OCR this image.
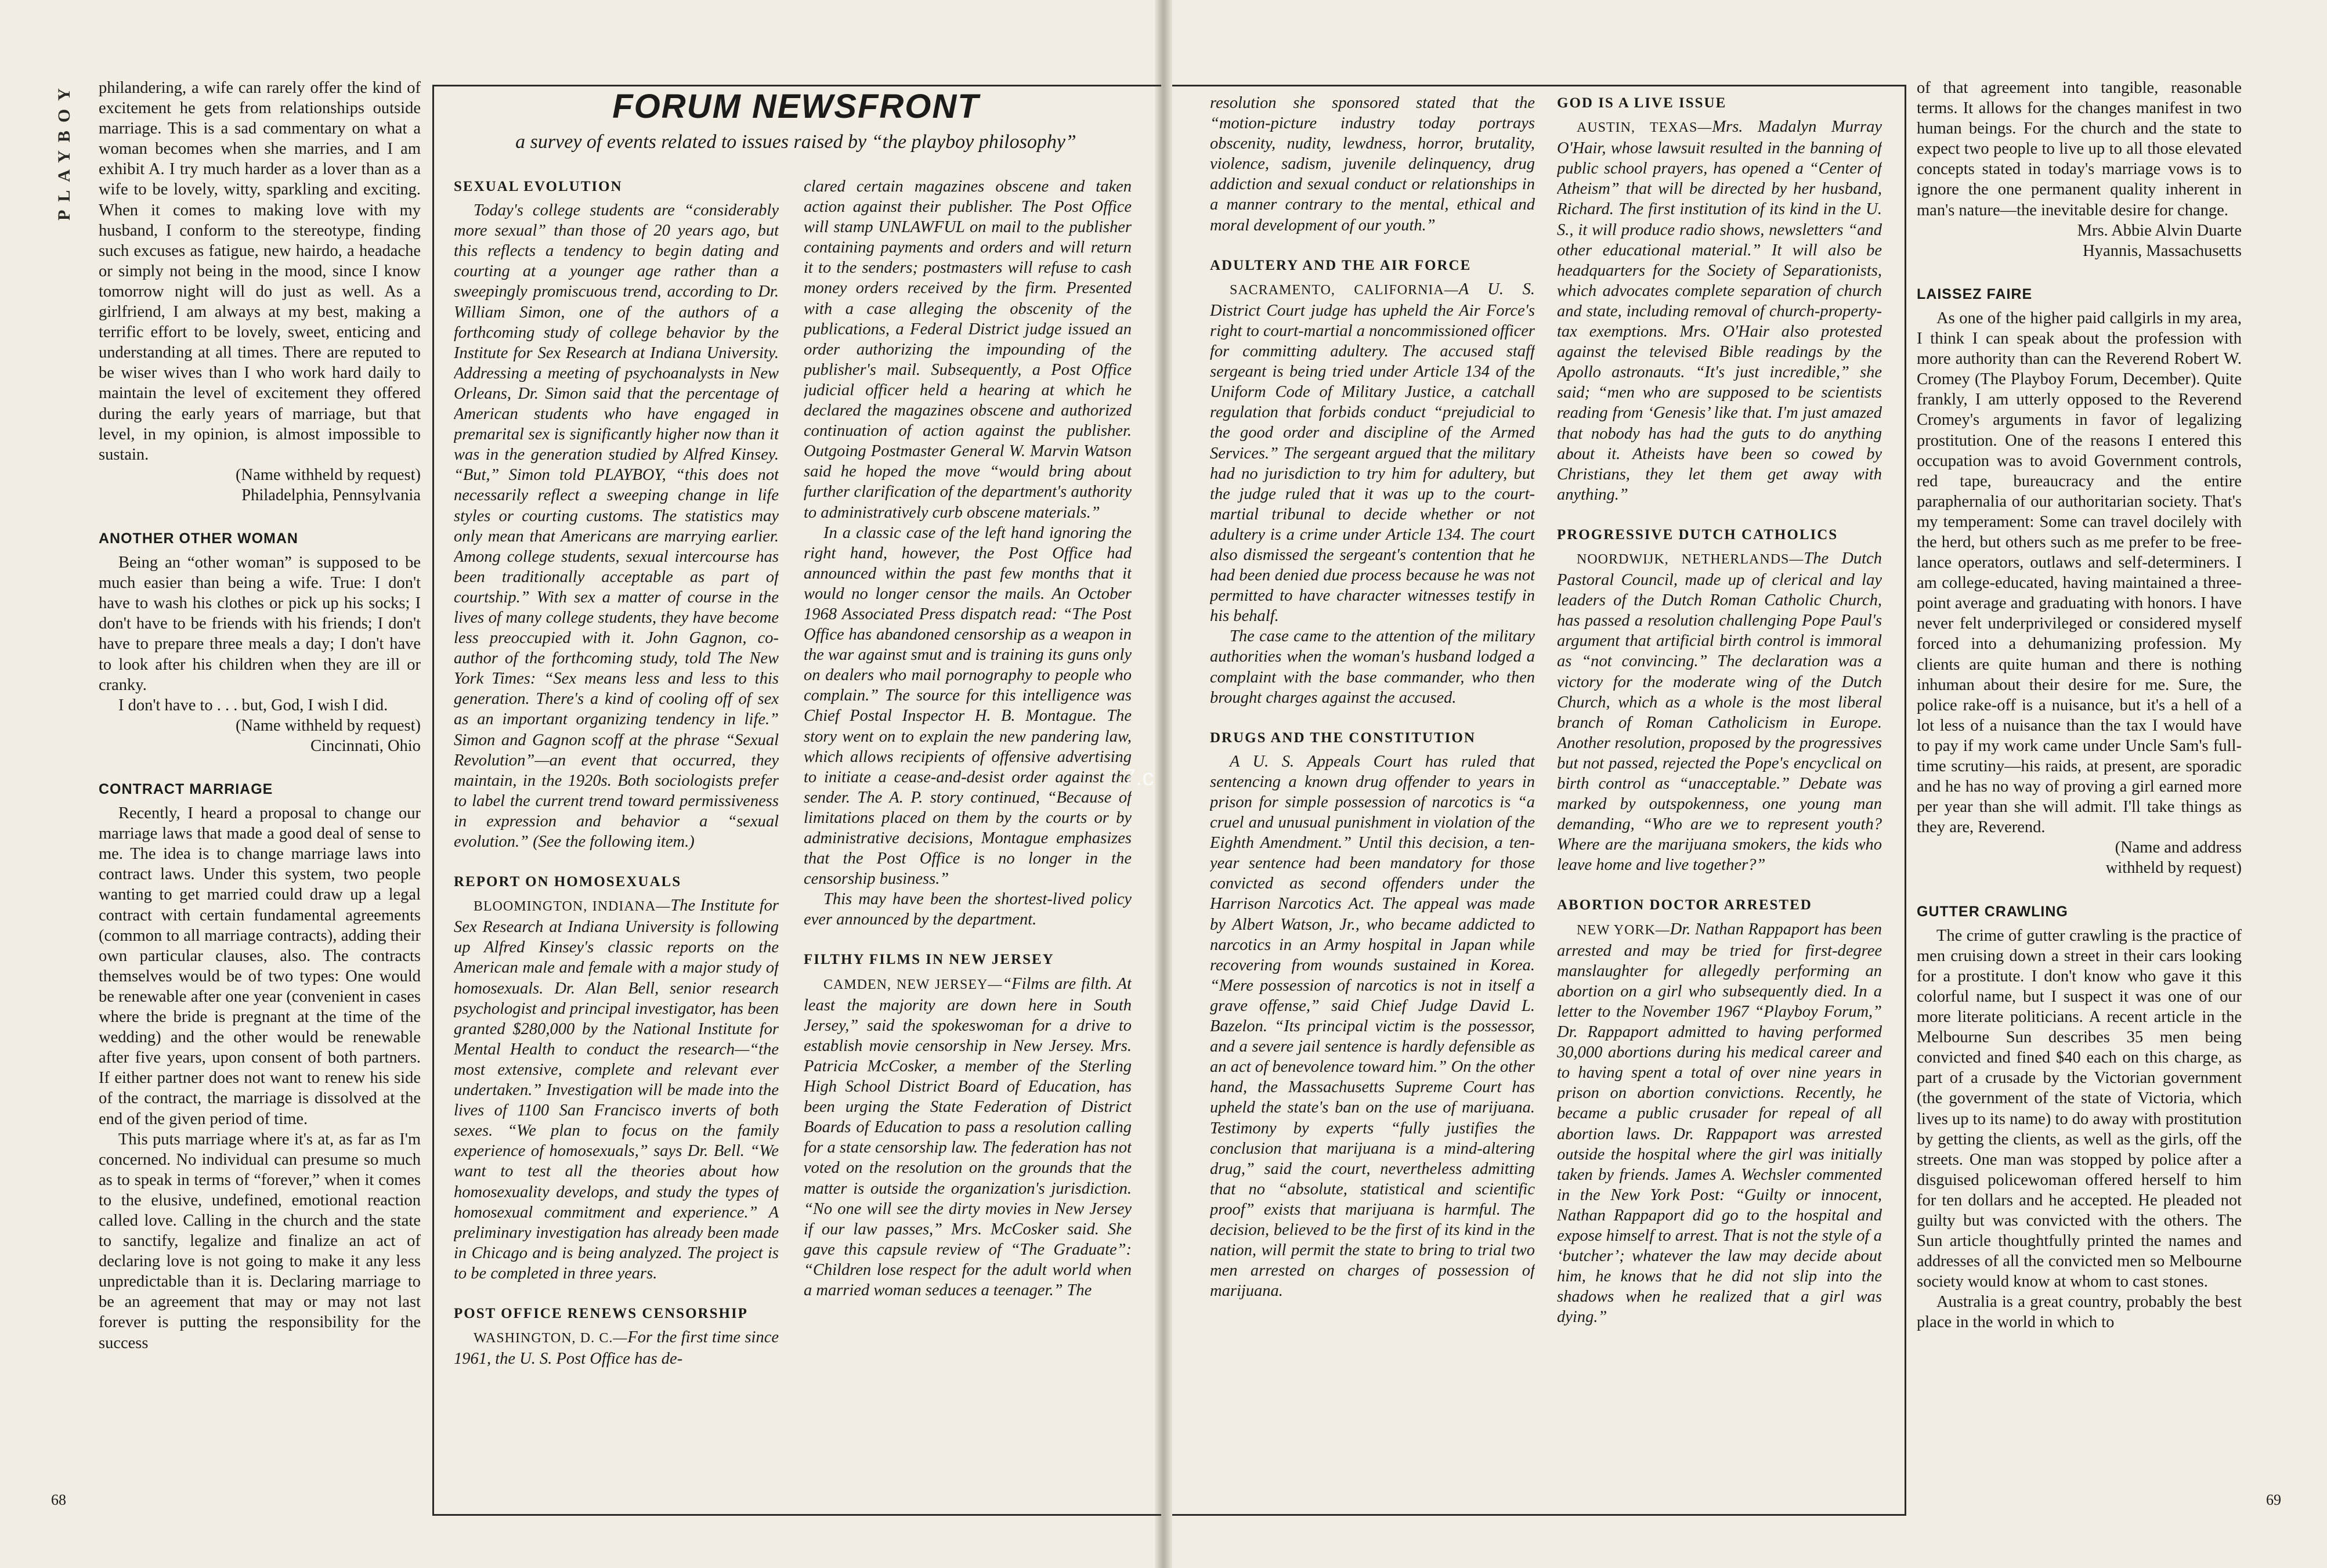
PLAYBOY	FORUM NEWSFRONT
a survey of events related to issues raised by “the playboy philosophy”

philandering, a wife can rarely offer the kind of excitement he gets from relationships outside marriage. This is a sad commentary on what a woman becomes when she marries, and I am exhibit A. I try much harder as a lover than as a wife to be lovely, witty, sparkling and exciting. When it comes to making love with my husband, I conform to the stereotype, finding such excuses as fatigue, new hairdo, a headache or simply not being in the mood, since I know tomorrow night will do just as well. As a girlfriend, I am always at my best, making a terrific effort to be lovely, sweet, enticing and understanding at all times. There are reputed to be wiser wives than I who work hard daily to maintain the level of excitement they offered during the early years of marriage, but that level, in my opinion, is almost impossible to sustain.

(Name withheld by request)

Philadelphia, Pennsylvania

ANOTHER OTHER WOMAN

Being an “other woman” is supposed to be much easier than being a wife. True: I don't have to wash his clothes or pick up his socks; I don't have to be friends with his friends; I don't have to prepare three meals a day; I don't have to look after his children when they are ill or cranky.

I don't have to . . . but, God, I wish I did.

(Name withheld by request)

Cincinnati, Ohio

CONTRACT MARRIAGE

Recently, I heard a proposal to change our marriage laws that made a good deal of sense to me. The idea is to change marriage laws into contract laws. Under this system, two people wanting to get married could draw up a legal contract with certain fundamental agreements (common to all marriage contracts), adding their own particular clauses, also. The contracts themselves would be of two types: One would be renewable after one year (convenient in cases where the bride is pregnant at the time of the wedding) and the other would be renewable after five years, upon consent of both partners. If either partner does not want to renew his side of the contract, the marriage is dissolved at the end of the given period of time.

This puts marriage where it's at, as far as I'm concerned. No individual can presume so much as to speak in terms of “forever,” when it comes to the elusive, undefined, emotional reaction called love. Calling in the church and the state to sanctify, legalize and finalize an act of declaring love is not going to make it any less unpredictable than it is. Declaring marriage to be an agreement that may or may not last forever is putting the responsibility for the success

SEXUAL EVOLUTION

Today's college students are “considerably more sexual” than those of 20 years ago, but this reflects a tendency to begin dating and courting at a younger age rather than a sweepingly promiscuous trend, according to Dr. William Simon, one of the authors of a forthcoming study of college behavior by the Institute for Sex Research at Indiana University. Addressing a meeting of psychoanalysts in New Orleans, Dr. Simon said that the percentage of American students who have engaged in premarital sex is significantly higher now than it was in the generation studied by Alfred Kinsey. “But,” Simon told PLAYBOY, “this does not necessarily reflect a sweeping change in life styles or courting customs. The statistics may only mean that Americans are marrying earlier. Among college students, sexual intercourse has been traditionally acceptable as part of courtship.” With sex a matter of course in the lives of many college students, they have become less preoccupied with it. John Gagnon, co-author of the forthcoming study, told The New York Times: “Sex means less and less to this generation. There's a kind of cooling off of sex as an important organizing tendency in life.” Simon and Gagnon scoff at the phrase “Sexual Revolution”—an event that occurred, they maintain, in the 1920s. Both sociologists prefer to label the current trend toward permissiveness in expression and behavior a “sexual evolution.” (See the following item.)

REPORT ON HOMOSEXUALS

BLOOMINGTON, INDIANA—The Institute for Sex Research at Indiana University is following up Alfred Kinsey's classic reports on the American male and female with a major study of homosexuals. Dr. Alan Bell, senior research psychologist and principal investigator, has been granted $280,000 by the National Institute for Mental Health to conduct the research—“the most extensive, complete and relevant ever undertaken.” Investigation will be made into the lives of 1100 San Francisco inverts of both sexes. “We plan to focus on the family experience of homosexuals,” says Dr. Bell. “We want to test all the theories about how homosexuality develops, and study the types of homosexual commitment and experience.” A preliminary investigation has already been made in Chicago and is being analyzed. The project is to be completed in three years.

POST OFFICE RENEWS CENSORSHIP

WASHINGTON, D. C.—For the first time since 1961, the U. S. Post Office has de-

clared certain magazines obscene and taken action against their publisher. The Post Office will stamp UNLAWFUL on mail to the publisher containing payments and orders and will return it to the senders; postmasters will refuse to cash money orders received by the firm. Presented with a case alleging the obscenity of the publications, a Federal District judge issued an order authorizing the impounding of the publisher's mail. Subsequently, a Post Office judicial officer held a hearing at which he declared the magazines obscene and authorized continuation of action against the publisher. Outgoing Postmaster General W. Marvin Watson said he hoped the move “would bring about further clarification of the department's authority to administratively curb obscene materials.”

In a classic case of the left hand ignoring the right hand, however, the Post Office had announced within the past few months that it would no longer censor the mails. An October 1968 Associated Press dispatch read: “The Post Office has abandoned censorship as a weapon in the war against smut and is training its guns only on dealers who mail pornography to people who complain.” The source for this intelligence was Chief Postal Inspector H. B. Montague. The story went on to explain the new pandering law, which allows recipients of offensive advertising to initiate a cease-and-desist order against the sender. The A. P. story continued, “Because of limitations placed on them by the courts or by administrative decisions, Montague emphasizes that the Post Office is no longer in the censorship business.”

This may have been the shortest-lived policy ever announced by the department.

FILTHY FILMS IN NEW JERSEY

CAMDEN, NEW JERSEY—“Films are filth. At least the majority are down here in South Jersey,” said the spokeswoman for a drive to establish movie censorship in New Jersey. Mrs. Patricia McCosker, a member of the Sterling High School District Board of Education, has been urging the State Federation of District Boards of Education to pass a resolution calling for a state censorship law. The federation has not voted on the resolution on the grounds that the matter is outside the organization's jurisdiction. “No one will see the dirty movies in New Jersey if our law passes,” Mrs. McCosker said. She gave this capsule review of “The Graduate”: “Children lose respect for the adult world when a married woman seduces a teenager.” The

resolution she sponsored stated that the “motion-picture industry today portrays obscenity, nudity, lewdness, horror, brutality, violence, sadism, juvenile delinquency, drug addiction and sexual conduct or relationships in a manner contrary to the mental, ethical and moral development of our youth.”

ADULTERY AND THE AIR FORCE

SACRAMENTO, CALIFORNIA—A U. S. District Court judge has upheld the Air Force's right to court-martial a noncommissioned officer for committing adultery. The accused staff sergeant is being tried under Article 134 of the Uniform Code of Military Justice, a catchall regulation that forbids conduct “prejudicial to the good order and discipline of the Armed Services.” The sergeant argued that the military had no jurisdiction to try him for adultery, but the judge ruled that it was up to the court-martial tribunal to decide whether or not adultery is a crime under Article 134. The court also dismissed the sergeant's contention that he had been denied due process because he was not permitted to have character witnesses testify in his behalf.

The case came to the attention of the military authorities when the woman's husband lodged a complaint with the base commander, who then brought charges against the accused.

DRUGS AND THE CONSTITUTION

A U. S. Appeals Court has ruled that sentencing a known drug offender to years in prison for simple possession of narcotics is “a cruel and unusual punishment in violation of the Eighth Amendment.” Until this decision, a ten-year sentence had been mandatory for those convicted as second offenders under the Harrison Narcotics Act. The appeal was made by Albert Watson, Jr., who became addicted to narcotics in an Army hospital in Japan while recovering from wounds sustained in Korea. “Mere possession of narcotics is not in itself a grave offense,” said Chief Judge David L. Bazelon. “Its principal victim is the possessor, and a severe jail sentence is hardly defensible as an act of benevolence toward him.” On the other hand, the Massachusetts Supreme Court has upheld the state's ban on the use of marijuana. Testimony by experts “fully justifies the conclusion that marijuana is a mind-altering drug,” said the court, nevertheless admitting that no “absolute, statistical and scientific proof” exists that marijuana is harmful. The decision, believed to be the first of its kind in the nation, will permit the state to bring to trial two men arrested on charges of possession of marijuana.

GOD IS A LIVE ISSUE

AUSTIN, TEXAS—Mrs. Madalyn Murray O'Hair, whose lawsuit resulted in the banning of public school prayers, has opened a “Center of Atheism” that will be directed by her husband, Richard. The first institution of its kind in the U. S., it will produce radio shows, newsletters “and other educational material.” It will also be headquarters for the Society of Separationists, which advocates complete separation of church and state, including removal of church-property-tax exemptions. Mrs. O'Hair also protested against the televised Bible readings by the Apollo astronauts. “It's just incredible,” she said; “men who are supposed to be scientists reading from ‘Genesis’ like that. I'm just amazed that nobody has had the guts to do anything about it. Atheists have been so cowed by Christians, they let them get away with anything.”

PROGRESSIVE DUTCH CATHOLICS

NOORDWIJK, NETHERLANDS—The Dutch Pastoral Council, made up of clerical and lay leaders of the Dutch Roman Catholic Church, has passed a resolution challenging Pope Paul's argument that artificial birth control is immoral as “not convincing.” The declaration was a victory for the moderate wing of the Dutch Church, which as a whole is the most liberal branch of Roman Catholicism in Europe. Another resolution, proposed by the progressives but not passed, rejected the Pope's encyclical on birth control as “unacceptable.” Debate was marked by outspokenness, one young man demanding, “Who are we to represent youth? Where are the marijuana smokers, the kids who leave home and live together?”

ABORTION DOCTOR ARRESTED

NEW YORK—Dr. Nathan Rappaport has been arrested and may be tried for first-degree manslaughter for allegedly performing an abortion on a girl who subsequently died. In a letter to the November 1967 “Playboy Forum,” Dr. Rappaport admitted to having performed 30,000 abortions during his medical career and to having spent a total of over nine years in prison on abortion convictions. Recently, he became a public crusader for repeal of all abortion laws. Dr. Rappaport was arrested outside the hospital where the girl was initially taken by friends. James A. Wechsler commented in the New York Post: “Guilty or innocent, Nathan Rappaport did go to the hospital and expose himself to arrest. That is not the style of a ‘butcher’; whatever the law may decide about him, he knows that he did not slip into the shadows when he realized that a girl was dying.”

of that agreement into tangible, reasonable terms. It allows for the changes manifest in two human beings. For the church and the state to expect two people to live up to all those elevated concepts stated in today's marriage vows is to ignore the one permanent quality inherent in man's nature—the inevitable desire for change.

Mrs. Abbie Alvin Duarte

Hyannis, Massachusetts

LAISSEZ FAIRE

As one of the higher paid callgirls in my area, I think I can speak about the profession with more authority than can the Reverend Robert W. Cromey (The Playboy Forum, December). Quite frankly, I am utterly opposed to the Reverend Cromey's arguments in favor of legalizing prostitution. One of the reasons I entered this occupation was to avoid Government controls, red tape, bureaucracy and the entire paraphernalia of our authoritarian society. That's my temperament: Some can travel docilely with the herd, but others such as me prefer to be free-lance operators, outlaws and self-determiners. I am college-educated, having maintained a three-point average and graduating with honors. I have never felt underprivileged or considered myself forced into a dehumanizing profession. My clients are quite human and there is nothing inhuman about their desire for me. Sure, the police rake-off is a nuisance, but it's a hell of a lot less of a nuisance than the tax I would have to pay if my work came under Uncle Sam's full-time scrutiny—his raids, at present, are sporadic and he has no way of proving a girl earned more per year than she will admit. I'll take things as they are, Reverend.

(Name and address

withheld by request)

GUTTER CRAWLING

The crime of gutter crawling is the practice of men cruising down a street in their cars looking for a prostitute. I don't know who gave it this colorful name, but I suspect it was one of our more literate politicians. A recent article in the Melbourne Sun describes 35 men being convicted and fined $40 each on this charge, as part of a crusade by the Victorian government (the government of the state of Victoria, which lives up to its name) to do away with prostitution by getting the clients, as well as the girls, off the streets. One man was stopped by police after a disguised policewoman offered herself to him for ten dollars and he accepted. He pleaded not guilty but was convicted with the others. The Sun article thoughtfully printed the names and addresses of all the convicted men so Melbourne society would know at whom to cast stones.

Australia is a great country, probably the best place in the world in which to

68	69
7.c
